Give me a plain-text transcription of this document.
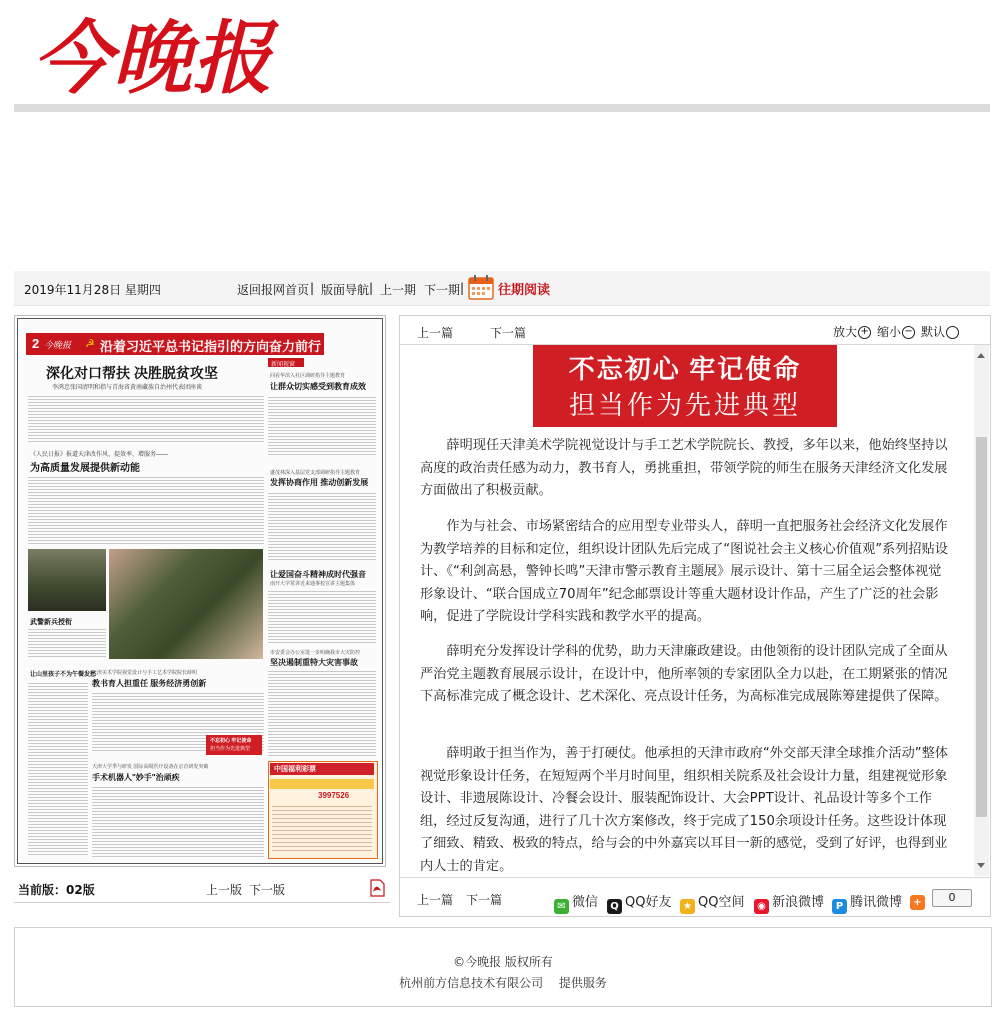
今晚报
2019年11月28日 星期四	返回报网首页 | 版面导航 | 上一期 下一期 |	往期阅读
2 今晚报 ☭ 沿着习近平总书记指引的方向奋力前行
深化对口帮扶 决胜脱贫攻坚
李鸿忠张国清明和指与青海省黄南藏族自治州代表团座谈
新闻视窗
回看华滨入社区调研指导主题教育
让群众切实感受到教育成效
《人民日报》报道天津改作风、提效率、增服务——
为高质量发展提供新动能	盛茂林深入基层党支部调研指导主题教育
发挥协商作用 推动创新发展
武警新兵授衔
让爱国奋斗精神成时代强音
南开大学常讲近来通事校宣讲主题集体
市安委会办公室进一步明确我市大灾防控
坚决遏制重特大灾害事故
让山里孩子不为午餐发愁
天津美术学院视觉设计与手工艺术学院院长薛明
教书育人担重任 服务经济勇创新
不忘初心 牢记使命
担当作为先进典型
天津大学季与研发 国际高级医疗设备在京首研发突破
手术机器人"妙手"治顽疾
中国福利彩票
3997526
当前版：02版	上一版 下一版
上一篇	下一篇	放大 + 缩小 − 默认
不忘初心 牢记使命
担当作为先进典型

薛明现任天津美术学院视觉设计与手工艺术学院院长、教授，多年以来，他始终坚持以高度的政治责任感为动力，教书育人，勇挑重担，带领学院的师生在服务天津经济文化发展方面做出了积极贡献。

作为与社会、市场紧密结合的应用型专业带头人，薛明一直把服务社会经济文化发展作为教学培养的目标和定位，组织设计团队先后完成了“图说社会主义核心价值观”系列招贴设计、《“利剑高悬，警钟长鸣”天津市警示教育主题展》展示设计、第十三届全运会整体视觉形象设计、“联合国成立70周年”纪念邮票设计等重大题材设计作品，产生了广泛的社会影响，促进了学院设计学科实践和教学水平的提高。

薛明充分发挥设计学科的优势，助力天津廉政建设。由他领衔的设计团队完成了全面从严治党主题教育展展示设计，在设计中，他所率领的专家团队全力以赴，在工期紧张的情况下高标准完成了概念设计、艺术深化、亮点设计任务，为高标准完成展陈筹建提供了保障。

薛明敢于担当作为，善于打硬仗。他承担的天津市政府“外交部天津全球推介活动”整体视觉形象设计任务，在短短两个半月时间里，组织相关院系及社会设计力量，组建视觉形象设计、非遗展陈设计、冷餐会设计、服装配饰设计、大会PPT设计、礼品设计等多个工作组，经过反复沟通，进行了几十次方案修改，终于完成了150余项设计任务。这些设计体现了细致、精致、极致的特点，给与会的中外嘉宾以耳目一新的感觉，受到了好评，也得到业内人士的肯定。

上一篇 下一篇	✉ 微信	Q QQ好友	★ QQ空间	◉ 新浪微博	P 腾讯微博	+	0
©今晚报 版权所有
杭州前方信息技术有限公司　 提供服务
